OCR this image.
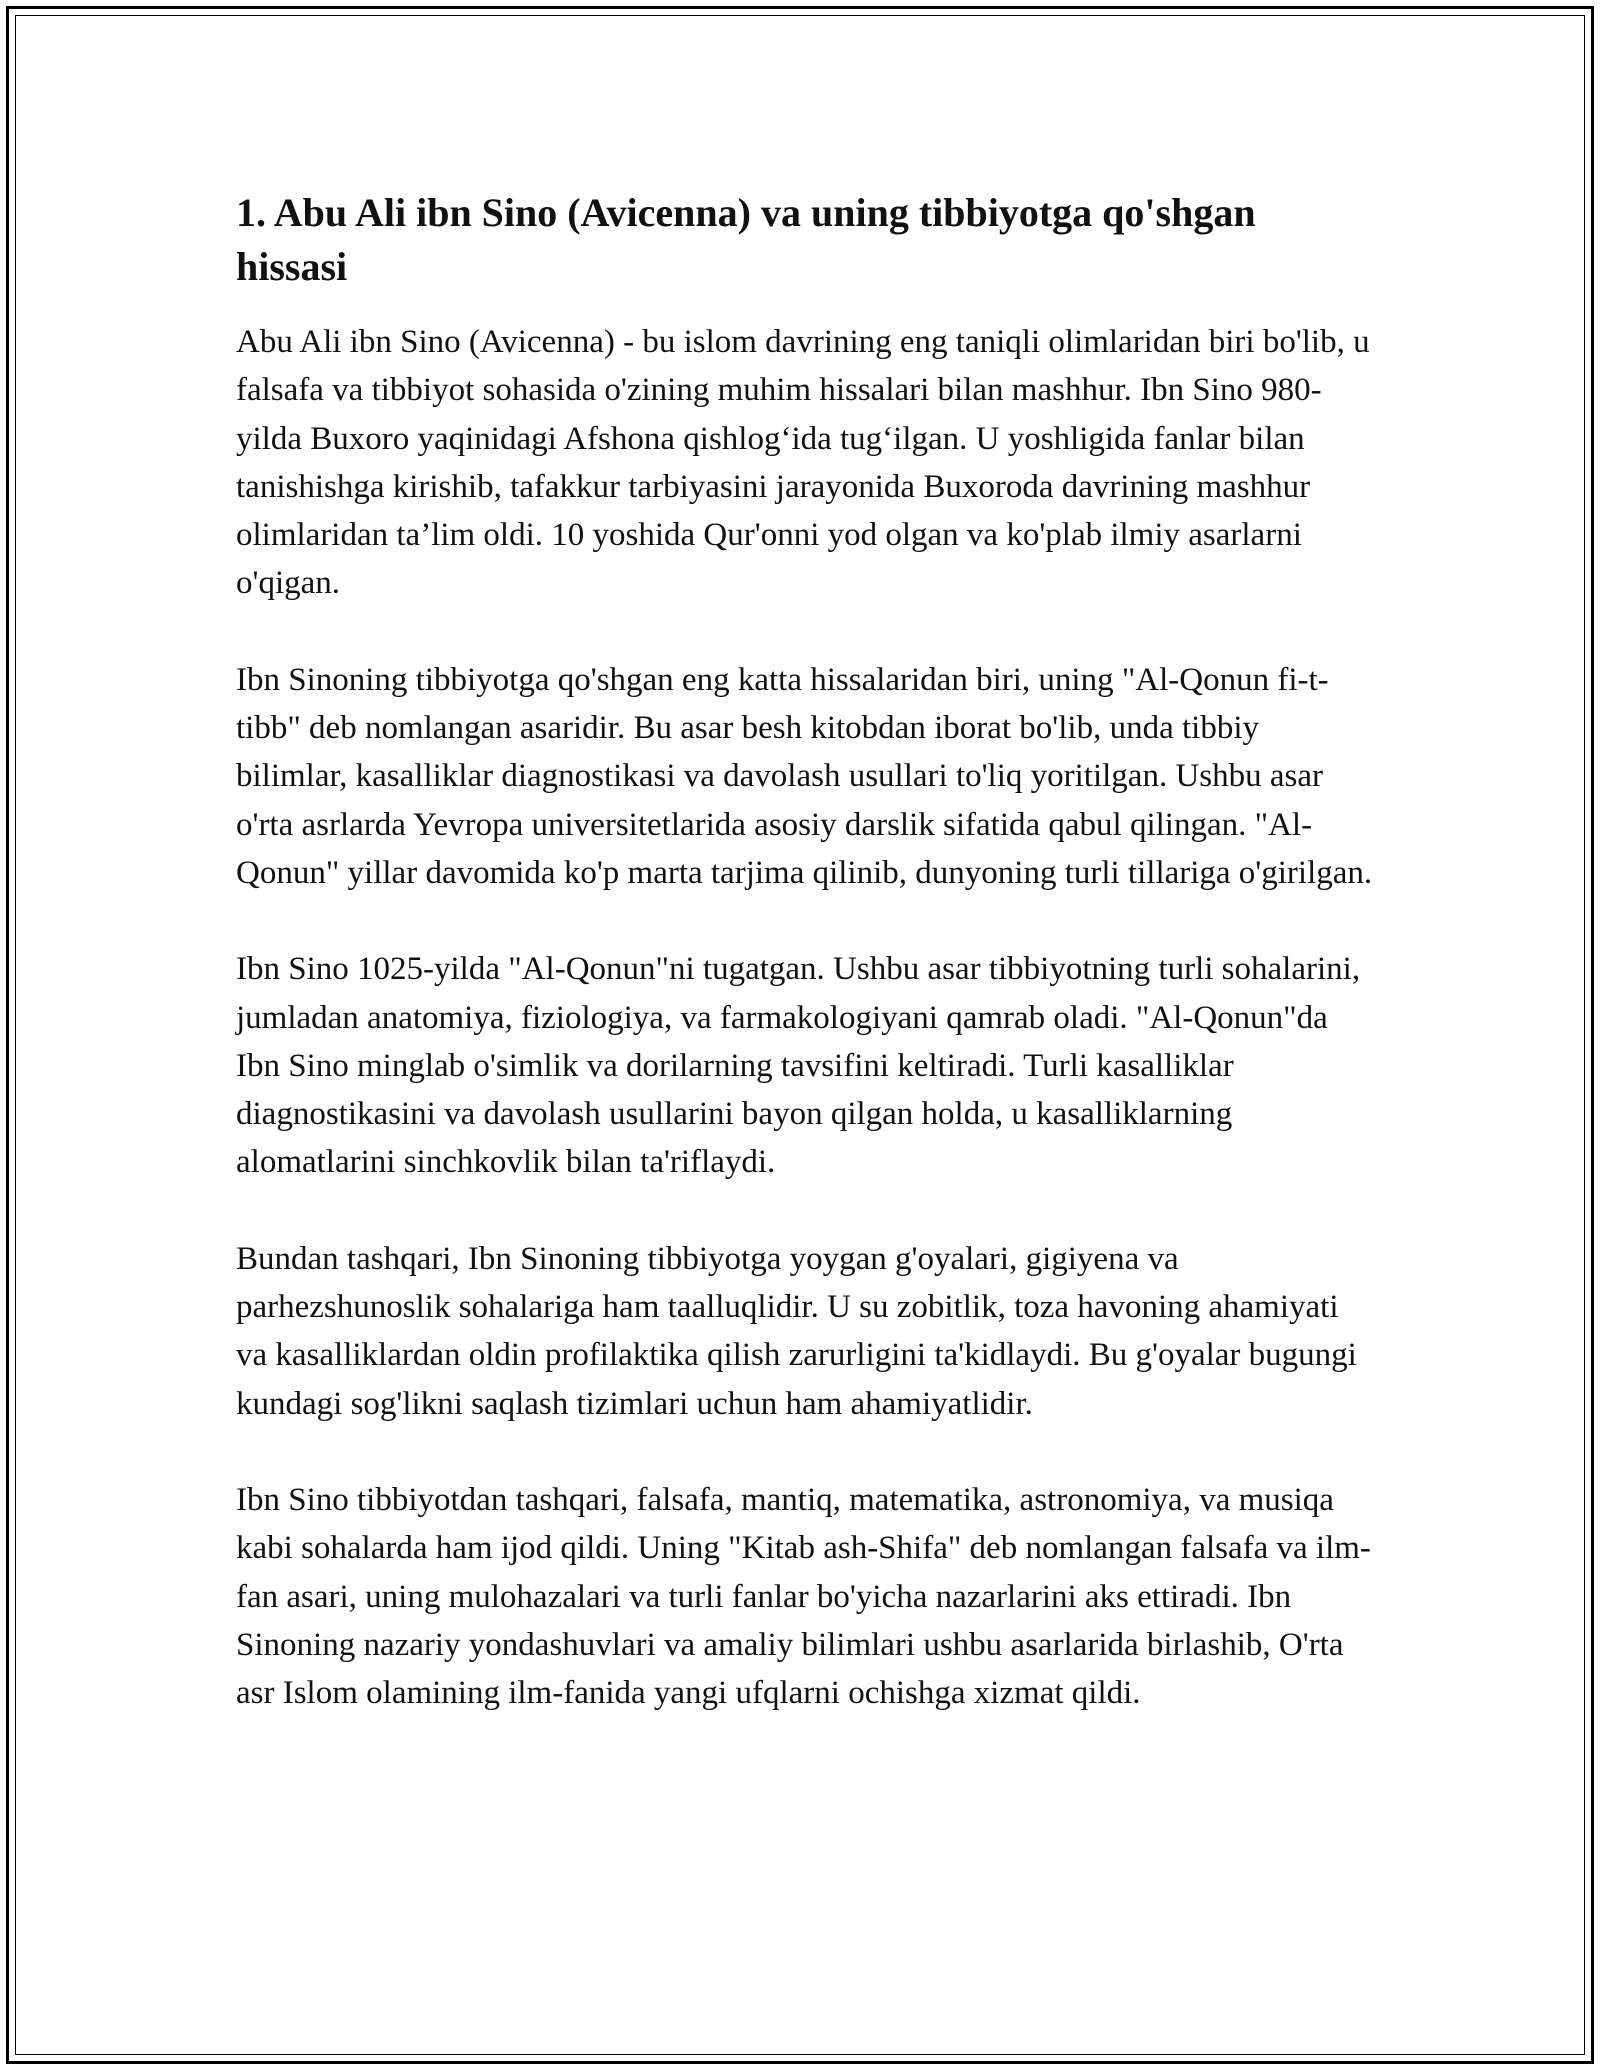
1. Abu Ali ibn Sino (Avicenna) va uning tibbiyotga qo'shgan hissasi

Abu Ali ibn Sino (Avicenna) - bu islom davrining eng taniqli olimlaridan biri bo'lib, u falsafa va tibbiyot sohasida o'zining muhim hissalari bilan mashhur. Ibn Sino 980-yilda Buxoro yaqinidagi Afshona qishlog‘ida tug‘ilgan. U yoshligida fanlar bilan tanishishga kirishib, tafakkur tarbiyasini jarayonida Buxoroda davrining mashhur olimlaridan ta’lim oldi. 10 yoshida Qur'onni yod olgan va ko'plab ilmiy asarlarni o'qigan.

Ibn Sinoning tibbiyotga qo'shgan eng katta hissalaridan biri, uning "Al-Qonun fi-t-tibb" deb nomlangan asaridir. Bu asar besh kitobdan iborat bo'lib, unda tibbiy bilimlar, kasalliklar diagnostikasi va davolash usullari to'liq yoritilgan. Ushbu asar o'rta asrlarda Yevropa universitetlarida asosiy darslik sifatida qabul qilingan. "Al-Qonun" yillar davomida ko'p marta tarjima qilinib, dunyoning turli tillariga o'girilgan.

Ibn Sino 1025-yilda "Al-Qonun"ni tugatgan. Ushbu asar tibbiyotning turli sohalarini, jumladan anatomiya, fiziologiya, va farmakologiyani qamrab oladi. "Al-Qonun"da Ibn Sino minglab o'simlik va dorilarning tavsifini keltiradi. Turli kasalliklar diagnostikasini va davolash usullarini bayon qilgan holda, u kasalliklarning alomatlarini sinchkovlik bilan ta'riflaydi.

Bundan tashqari, Ibn Sinoning tibbiyotga yoygan g'oyalari, gigiyena va parhezshunoslik sohalariga ham taalluqlidir. U su zobitlik, toza havoning ahamiyati va kasalliklardan oldin profilaktika qilish zarurligini ta'kidlaydi. Bu g'oyalar bugungi kundagi sog'likni saqlash tizimlari uchun ham ahamiyatlidir.

Ibn Sino tibbiyotdan tashqari, falsafa, mantiq, matematika, astronomiya, va musiqa kabi sohalarda ham ijod qildi. Uning "Kitab ash-Shifa" deb nomlangan falsafa va ilm-fan asari, uning mulohazalari va turli fanlar bo'yicha nazarlarini aks ettiradi. Ibn Sinoning nazariy yondashuvlari va amaliy bilimlari ushbu asarlarida birlashib, O'rta asr Islom olamining ilm-fanida yangi ufqlarni ochishga xizmat qildi.
